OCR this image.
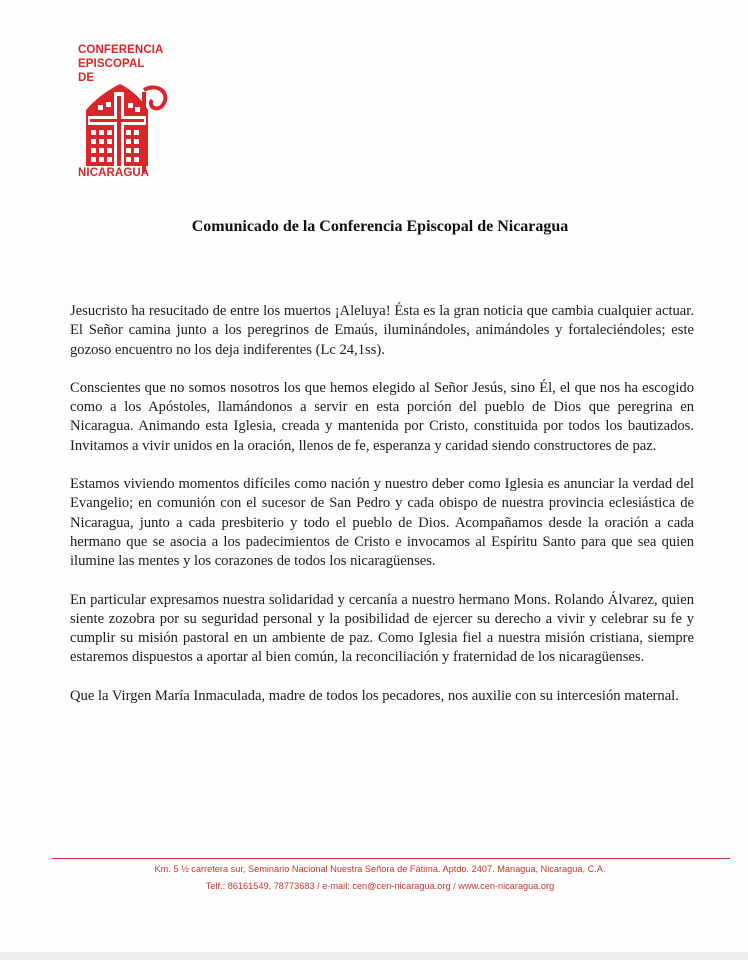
CONFERENCIA
EPISCOPAL
DE
NICARAGUA
Comunicado de la Conferencia Episcopal de Nicaragua

Jesucristo ha resucitado de entre los muertos ¡Aleluya! Ésta es la gran noticia que cambia cualquier actuar. El Señor camina junto a los peregrinos de Emaús, iluminándoles, animándoles y fortaleciéndoles; este gozoso encuentro no los deja indiferentes (Lc 24,1ss).

Conscientes que no somos nosotros los que hemos elegido al Señor Jesús, sino Él, el que nos ha escogido como a los Apóstoles, llamándonos a servir en esta porción del pueblo de Dios que peregrina en Nicaragua. Animando esta Iglesia, creada y mantenida por Cristo, constituida por todos los bautizados. Invitamos a vivir unidos en la oración, llenos de fe, esperanza y caridad siendo constructores de paz.

Estamos viviendo momentos difíciles como nación y nuestro deber como Iglesia es anunciar la verdad del Evangelio; en comunión con el sucesor de San Pedro y cada obispo de nuestra provincia eclesiástica de Nicaragua, junto a cada presbiterio y todo el pueblo de Dios. Acompañamos desde la oración a cada hermano que se asocia a los padecimientos de Cristo e invocamos al Espíritu Santo para que sea quien ilumine las mentes y los corazones de todos los nicaragüenses.

En particular expresamos nuestra solidaridad y cercanía a nuestro hermano Mons. Rolando Álvarez, quien siente zozobra por su seguridad personal y la posibilidad de ejercer su derecho a vivir y celebrar su fe y cumplir su misión pastoral en un ambiente de paz. Como Iglesia fiel a nuestra misión cristiana, siempre estaremos dispuestos a aportar al bien común, la reconciliación y fraternidad de los nicaragüenses.

Que la Virgen María Inmaculada, madre de todos los pecadores, nos auxilie con su intercesión maternal.

Km. 5 ½ carretera sur, Seminario Nacional Nuestra Señora de Fátima. Aptdo. 2407. Managua, Nicaragua, C.A.
Telf.: 86161549, 78773683 / e-mail: cen@cen-nicaragua.org / www.cen-nicaragua.org
